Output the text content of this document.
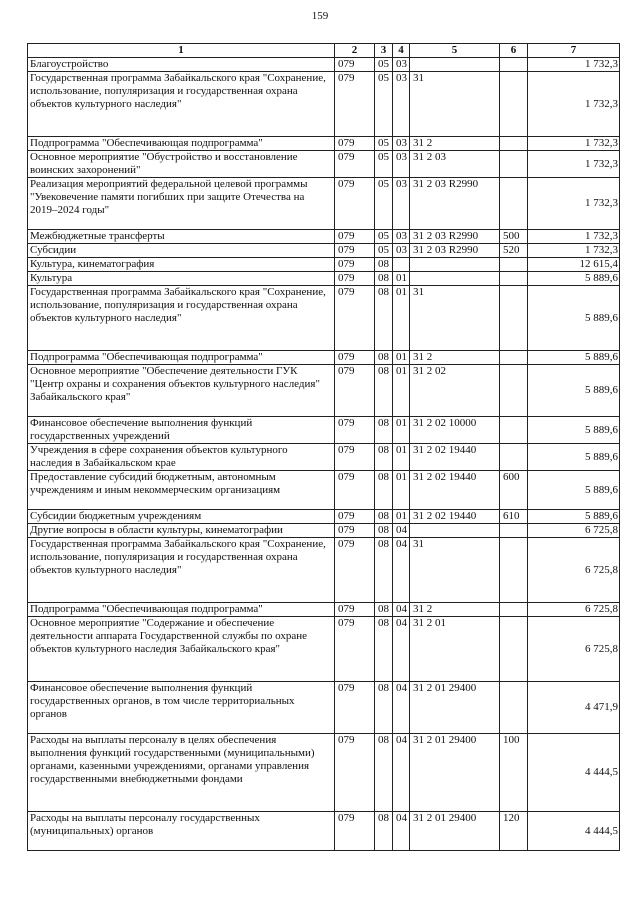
159
1	2	3	4	5	6	7
Благоустройство	079	05	03			1 732,3
Государственная программа Забайкальского края "Сохранение, использование, популяризация и государственная охрана объектов культурного наследия"	079	05	03	31		1 732,3
Подпрограмма "Обеспечивающая подпрограмма"	079	05	03	31 2		1 732,3
Основное мероприятие "Обустройство и восстановление воинских захоронений"	079	05	03	31 2 03		1 732,3
Реализация мероприятий федеральной целевой программы "Увековечение памяти погибших при защите Отечества на 2019–2024 годы"	079	05	03	31 2 03 R2990		1 732,3
Межбюджетные трансферты	079	05	03	31 2 03 R2990	500	1 732,3
Субсидии	079	05	03	31 2 03 R2990	520	1 732,3
Культура, кинематография	079	08				12 615,4
Культура	079	08	01			5 889,6
Государственная программа Забайкальского края "Сохранение, использование, популяризация и государственная охрана объектов культурного наследия"	079	08	01	31		5 889,6
Подпрограмма "Обеспечивающая подпрограмма"	079	08	01	31 2		5 889,6
Основное мероприятие "Обеспечение деятельности ГУК "Центр охраны и сохранения объектов культурного наследия" Забайкальского края"	079	08	01	31 2 02		5 889,6
Финансовое обеспечение выполнения функций государственных учреждений	079	08	01	31 2 02 10000		5 889,6
Учреждения в сфере сохранения объектов культурного наследия в Забайкальском крае	079	08	01	31 2 02 19440		5 889,6
Предоставление субсидий бюджетным, автономным учреждениям и иным некоммерческим организациям	079	08	01	31 2 02 19440	600	5 889,6
Субсидии бюджетным учреждениям	079	08	01	31 2 02 19440	610	5 889,6
Другие вопросы в области культуры, кинематографии	079	08	04			6 725,8
Государственная программа Забайкальского края "Сохранение, использование, популяризация и государственная охрана объектов культурного наследия"	079	08	04	31		6 725,8
Подпрограмма "Обеспечивающая подпрограмма"	079	08	04	31 2		6 725,8
Основное мероприятие "Содержание и обеспечение деятельности аппарата Государственной службы по охране объектов культурного наследия Забайкальского края"	079	08	04	31 2 01		6 725,8
Финансовое обеспечение выполнения функций государственных органов, в том числе территориальных органов	079	08	04	31 2 01 29400		4 471,9
Расходы на выплаты персоналу в целях обеспечения выполнения функций государственными (муниципальными) органами, казенными учреждениями, органами управления государственными внебюджетными фондами	079	08	04	31 2 01 29400	100	4 444,5
Расходы на выплаты персоналу государственных (муниципальных) органов	079	08	04	31 2 01 29400	120	4 444,5
